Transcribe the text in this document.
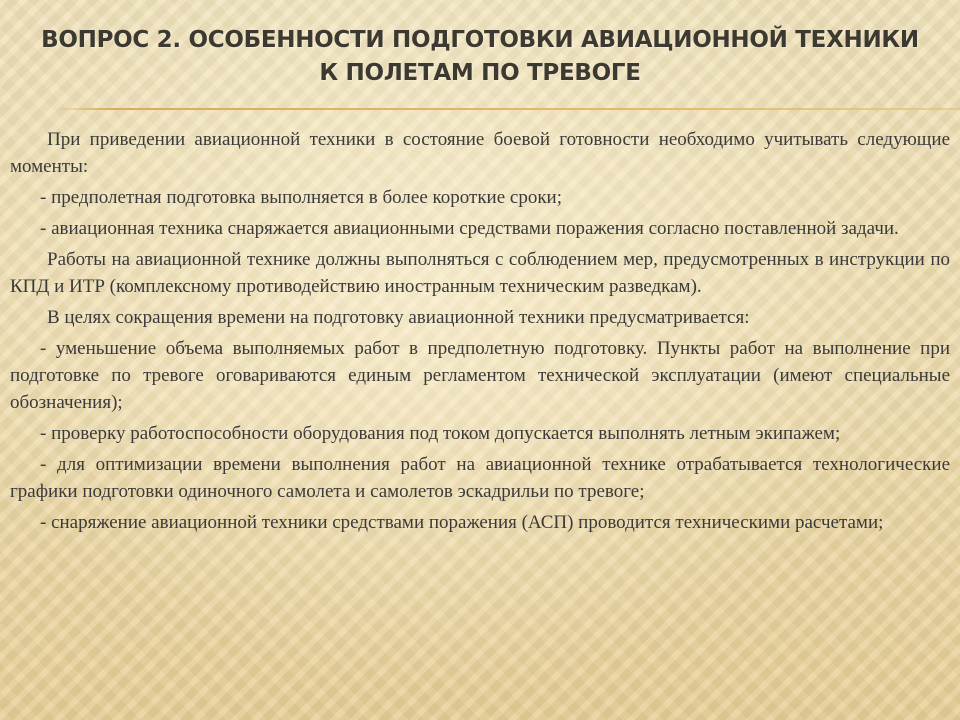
ВОПРОС 2. ОСОБЕННОСТИ ПОДГОТОВКИ АВИАЦИОННОЙ ТЕХНИКИ К ПОЛЕТАМ ПО ТРЕВОГЕ

При приведении авиационной техники в состояние боевой готовности необходимо учитывать следующие моменты:

- предполетная подготовка выполняется в более короткие сроки;

- авиационная техника снаряжается авиационными средствами поражения согласно поставленной задачи.

Работы на авиационной технике должны выполняться с соблюдением мер, предусмотренных в инструкции по КПД и ИТР (комплексному противодействию иностранным техническим разведкам).

В целях сокращения времени на подготовку авиационной техники предусматривается:

- уменьшение объема выполняемых работ в предполетную подготовку. Пункты работ на выполнение при подготовке по тревоге оговариваются единым регламентом технической эксплуатации (имеют специальные обозначения);

- проверку работоспособности оборудования под током допускается выполнять летным экипажем;

- для оптимизации времени выполнения работ на авиационной технике отрабатывается технологические графики подготовки одиночного самолета и самолетов эскадрильи по тревоге;

- снаряжение авиационной техники средствами поражения (АСП) проводится техническими расчетами;
